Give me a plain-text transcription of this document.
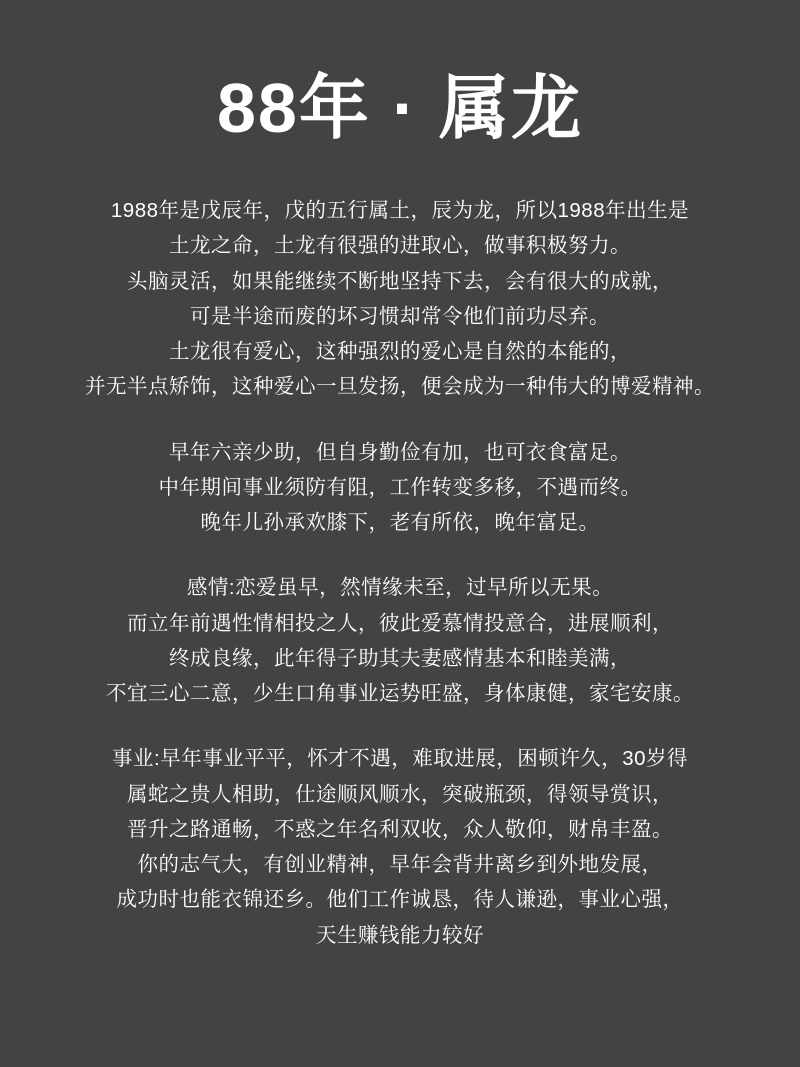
88年 · 属龙
1988年是戊辰年，戊的五行属土，辰为龙，所以1988年出生是
土龙之命，土龙有很强的进取心，做事积极努力。
头脑灵活，如果能继续不断地坚持下去，会有很大的成就，
可是半途而废的坏习惯却常令他们前功尽弃。
土龙很有爱心，这种强烈的爱心是自然的本能的，
并无半点矫饰，这种爱心一旦发扬，便会成为一种伟大的博爱精神。
早年六亲少助，但自身勤俭有加，也可衣食富足。
中年期间事业须防有阻，工作转变多移，不遇而终。
晚年儿孙承欢膝下，老有所依，晚年富足。
感情:恋爱虽早，然情缘未至，过早所以无果。
而立年前遇性情相投之人，彼此爱慕情投意合，进展顺利，
终成良缘，此年得子助其夫妻感情基本和睦美满，
不宜三心二意，少生口角事业运势旺盛，身体康健，家宅安康。
事业:早年事业平平，怀才不遇，难取进展，困顿许久，30岁得
属蛇之贵人相助，仕途顺风顺水，突破瓶颈，得领导赏识，
晋升之路通畅，不惑之年名利双收，众人敬仰，财帛丰盈。
你的志气大，有创业精神，早年会背井离乡到外地发展，
成功时也能衣锦还乡。他们工作诚恳，待人谦逊，事业心强，
天生赚钱能力较好
